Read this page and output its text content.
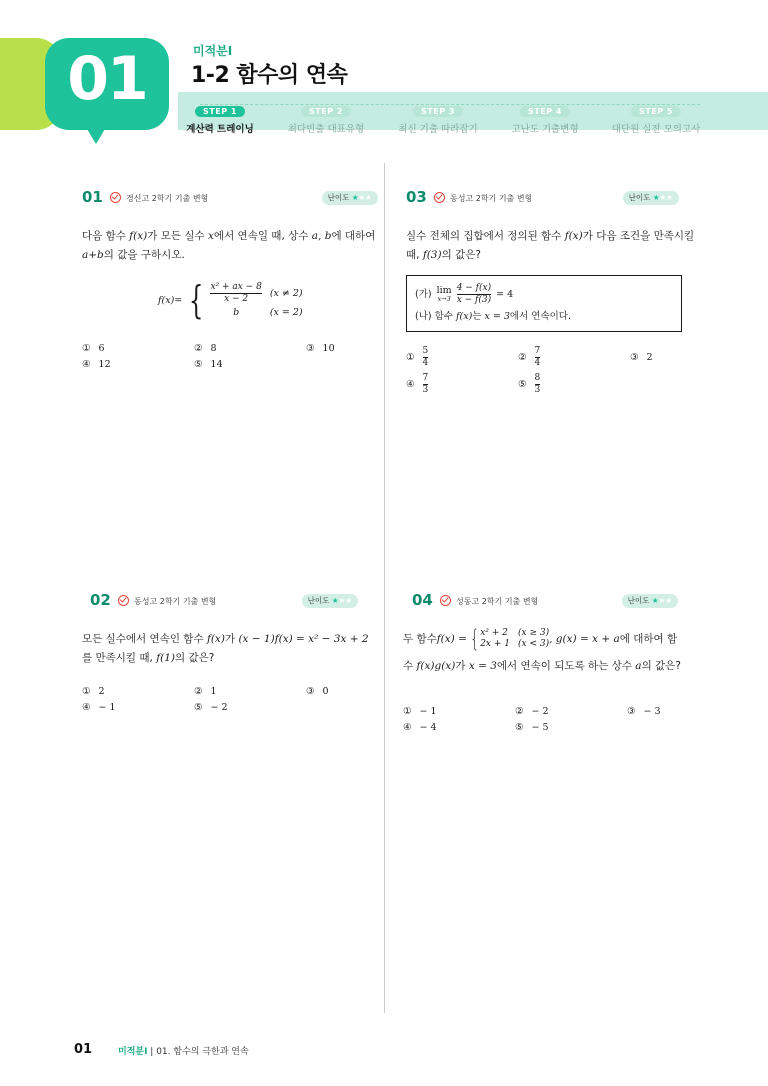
01	미적분I
1-2 함수의 연속
STEP 1
계산력 트레이닝
STEP 2
최다빈출 대표유형
STEP 3
최신 기출 따라잡기
STEP 4
고난도 기출변형
STEP 5
대단원 실전 모의고사
01	경신고 2학기 기출 변형	난이도 ★★★
다음 함수 f(x)가 모든 실수 x에서 연속일 때, 상수 a, b에 대하여 a+b의 값을 구하시오.
f(x)= { $\frac{\text{x² + ax − 8}}{x - 2} (x \ne 2)$
b	(x = 2)
① 6	② 8	③ 10
④ 12	⑤ 14
03	동성고 2학기 기출 변형	난이도 ★★★
실수 전체의 집합에서 정의된 함수 f(x)가 다음 조건을 만족시킬 때, f(3)의 값은?
(가) lim
$x\to 3 \frac{4 - f(x)}{x - f(3)} = 4$
(나) 함수 f(x)는 x = 3에서 연속이다.
① $\frac{5}{4}$	② $\frac{7}{4}$	③ 2
④ $\frac{7}{3}$	⑤ $\frac{8}{3}$
02	동성고 2학기 기출 변형	난이도 ★★★
모든 실수에서 연속인 함수 f(x)가 (x − 1)f(x) = x² − 3x + 2를 만족시킬 때, f(1)의 값은?
① 2	② 1	③ 0
④ − 1	⑤ − 2
04	성동고 2학기 기출 변형	난이도 ★★★
두 함수 f(x) = { x² + 2 (x ≥ 3)
2x + 1 (x < 3) , g(x) = x + a 에 대하여 함
수 f(x)g(x)가 x = 3에서 연속이 되도록 하는 상수 a의 값은?
① − 1	② − 2	③ − 3
④ − 4	⑤ − 5
01	미적분I | 01. 함수의 극한과 연속
